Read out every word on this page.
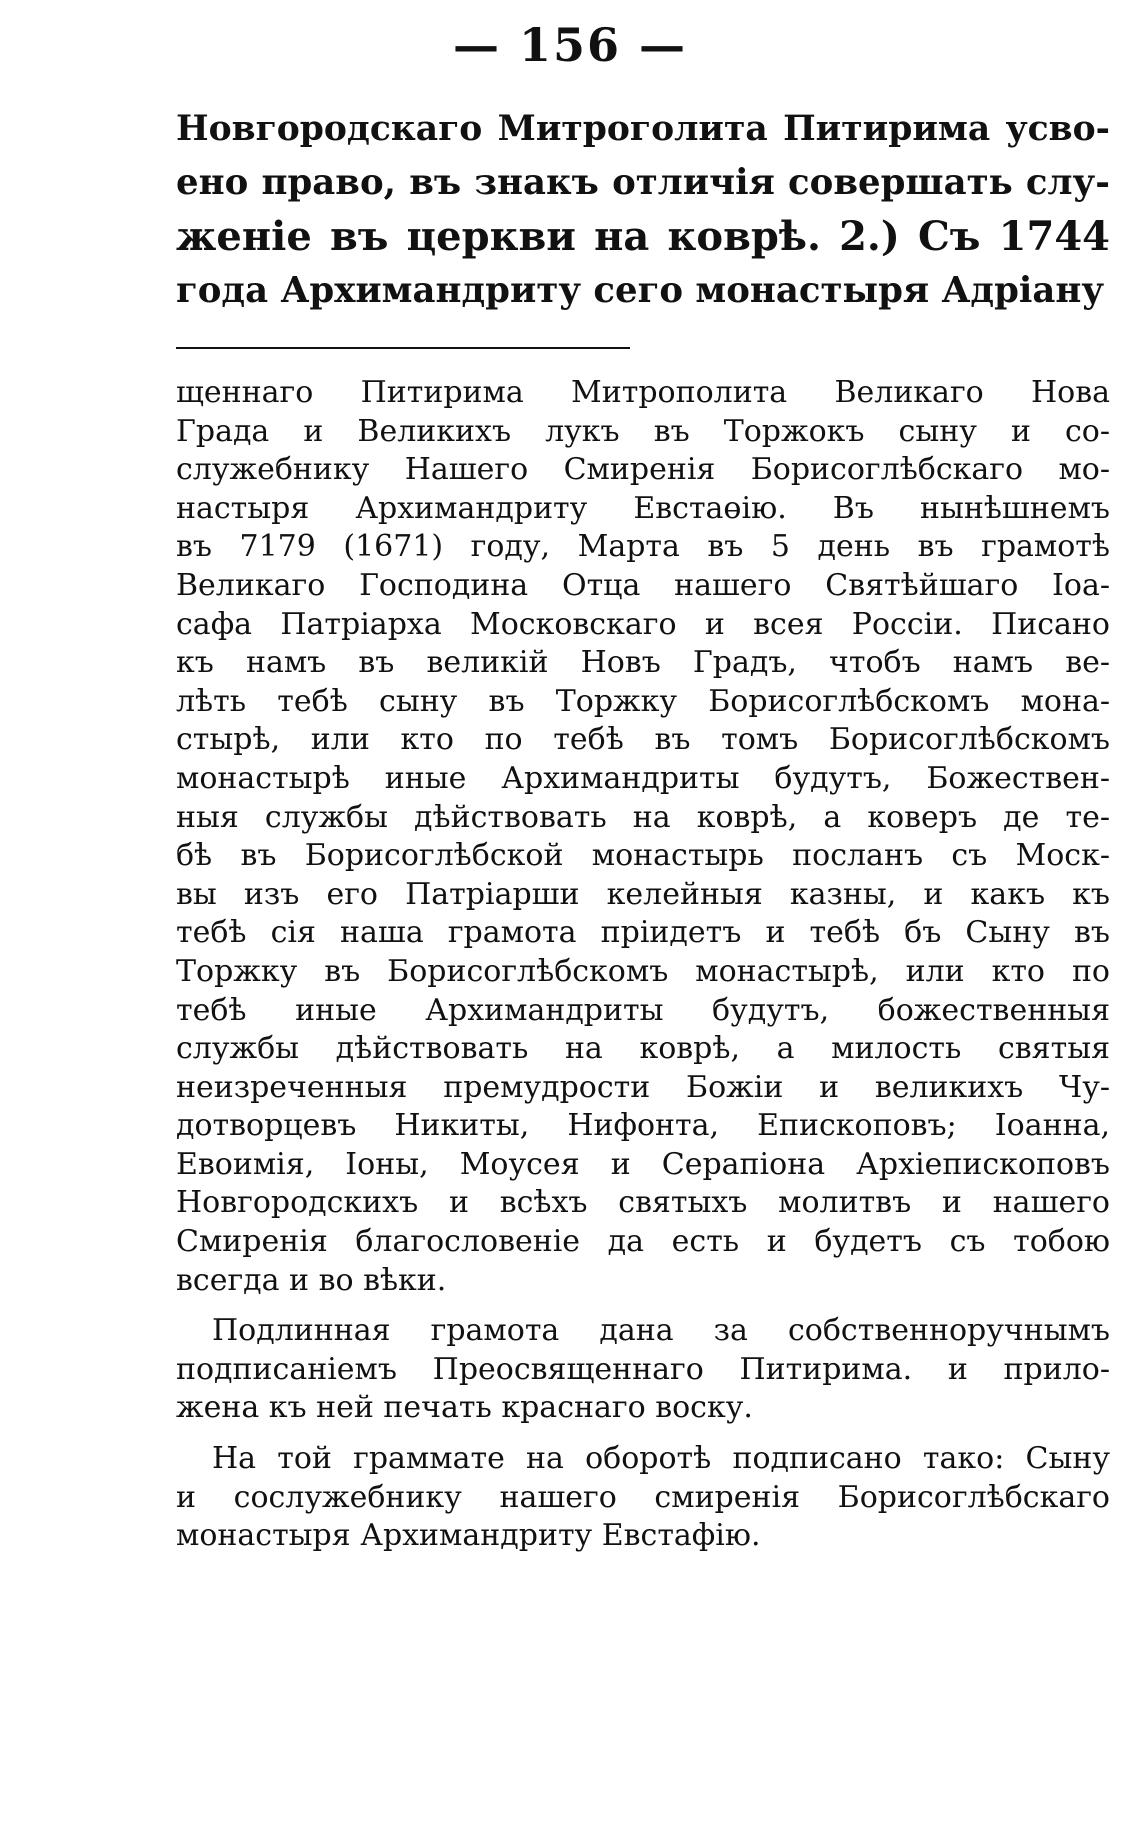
— 156 —
Новгородскаго Митроголита Питирима усво-
ено право, въ знакъ отличія совершать слу-
женіе въ церкви на коврѣ. 2.) Съ 1744
года Архимандриту сего монастыря Адріану
щеннаго Питирима Митрополита Великаго Нова
Града и Великихъ лукъ въ Торжокъ сыну и со-
служебнику Нашего Смиренія Борисоглѣбскаго мо-
настыря Архимандриту Евстаөію. Въ нынѣшнемъ
въ 7179 (1671) году, Марта въ 5 день въ грамотѣ
Великаго Господина Отца нашего Святѣйшаго Іоа-
сафа Патріарха Московскаго и всея Россіи. Писано
къ намъ въ великій Новъ Градъ, чтобъ намъ ве-
лѣть тебѣ сыну въ Торжку Борисоглѣбскомъ мона-
стырѣ, или кто по тебѣ въ томъ Борисоглѣбскомъ
монастырѣ иные Архимандриты будутъ, Божествен-
ныя службы дѣйствовать на коврѣ, а коверъ де те-
бѣ въ Борисоглѣбской монастырь посланъ съ Моск-
вы изъ его Патріарши келейныя казны, и какъ къ
тебѣ сія наша грамота пріидетъ и тебѣ бъ Сыну въ
Торжку въ Борисоглѣбскомъ монастырѣ, или кто по
тебѣ иные Архимандриты будутъ, божественныя
службы дѣйствовать на коврѣ, а милость святыя
неизреченныя премудрости Божіи и великихъ Чу-
дотворцевъ Никиты, Нифонта, Епископовъ; Іоанна,
Евоимія, Іоны, Моусея и Серапіона Архіепископовъ
Новгородскихъ и всѣхъ святыхъ молитвъ и нашего
Смиренія благословеніе да есть и будетъ съ тобою
всегда и во вѣки.
Подлинная грамота дана за собственноручнымъ
подписаніемъ Преосвященнаго Питирима. и прило-
жена къ ней печать краснаго воску.
На той граммате на оборотѣ подписано тако: Сыну
и сослужебнику нашего смиренія Борисоглѣбскаго
монастыря Архимандриту Евстафію.
